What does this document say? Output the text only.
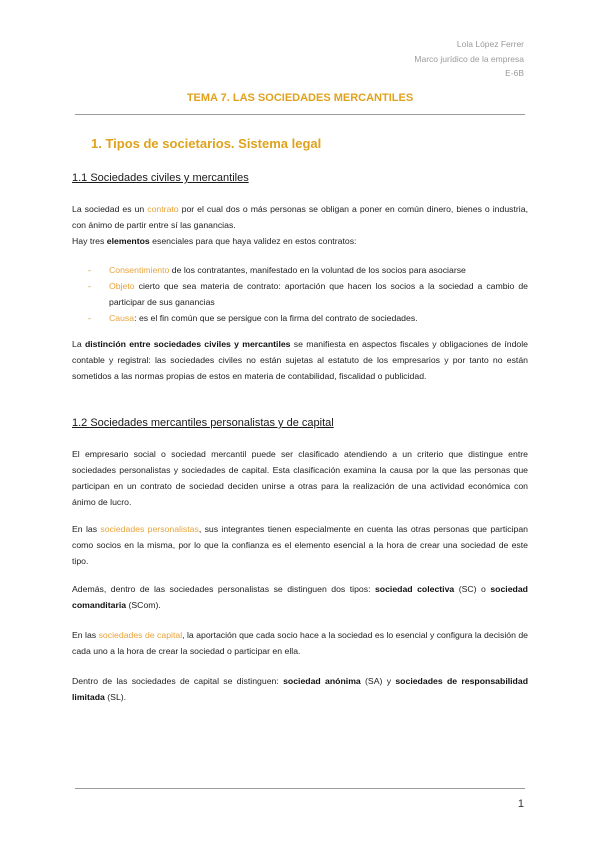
Lola López Ferrer
Marco jurídico de la empresa
E-6B
TEMA 7. LAS SOCIEDADES MERCANTILES
1. Tipos de societarios. Sistema legal
1.1 Sociedades civiles y mercantiles
La sociedad es un contrato por el cual dos o más personas se obligan a poner en común dinero, bienes o industria, con ánimo de partir entre sí las ganancias.
Hay tres elementos esenciales para que haya validez en estos contratos:
- Consentimiento de los contratantes, manifestado en la voluntad de los socios para asociarse
- Objeto cierto que sea materia de contrato: aportación que hacen los socios a la sociedad a cambio de participar de sus ganancias
- Causa: es el fin común que se persigue con la firma del contrato de sociedades.
La distinción entre sociedades civiles y mercantiles se manifiesta en aspectos fiscales y obligaciones de índole contable y registral: las sociedades civiles no están sujetas al estatuto de los empresarios y por tanto no están sometidos a las normas propias de estos en materia de contabilidad, fiscalidad o publicidad.
1.2 Sociedades mercantiles personalistas y de capital
El empresario social o sociedad mercantil puede ser clasificado atendiendo a un criterio que distingue entre sociedades personalistas y sociedades de capital. Esta clasificación examina la causa por la que las personas que participan en un contrato de sociedad deciden unirse a otras para la realización de una actividad económica con ánimo de lucro.
En las sociedades personalistas, sus integrantes tienen especialmente en cuenta las otras personas que participan como socios en la misma, por lo que la confianza es el elemento esencial a la hora de crear una sociedad de este tipo.
Además, dentro de las sociedades personalistas se distinguen dos tipos: sociedad colectiva (SC) o sociedad comanditaria (SCom).
En las sociedades de capital, la aportación que cada socio hace a la sociedad es lo esencial y configura la decisión de cada uno a la hora de crear la sociedad o participar en ella.
Dentro de las sociedades de capital se distinguen: sociedad anónima (SA) y sociedades de responsabilidad limitada (SL).
1
